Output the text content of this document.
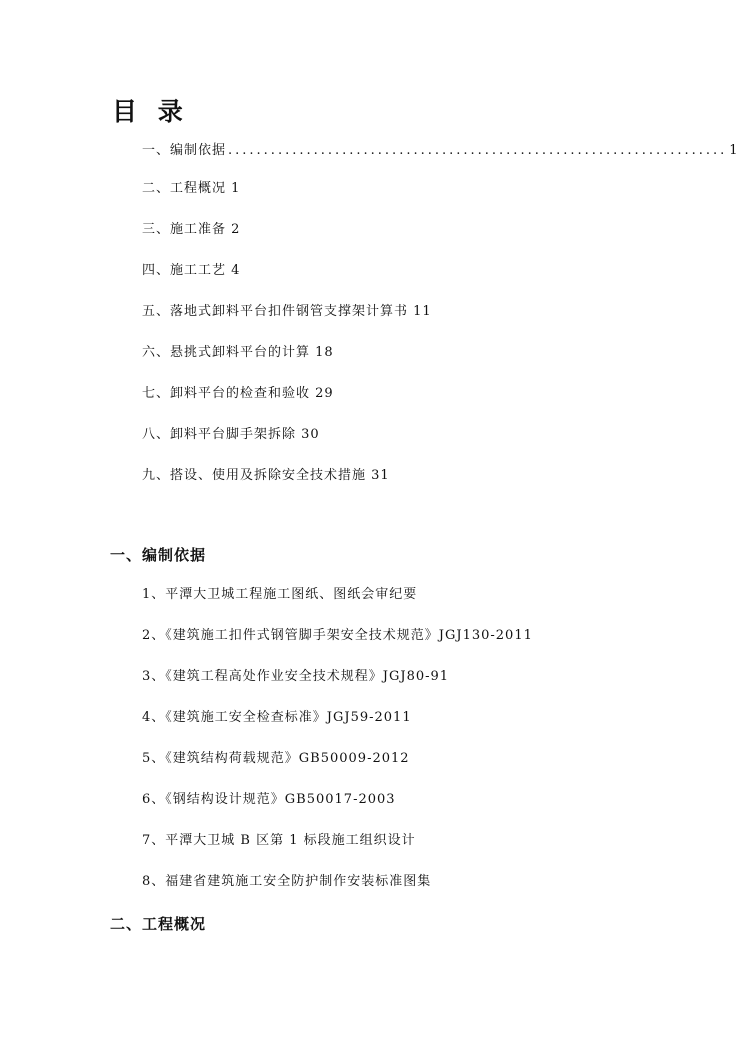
目 录
一、编制依据 ...................................................................... 1
二、工程概况 1
三、施工准备 2
四、施工工艺 4
五、落地式卸料平台扣件钢管支撑架计算书 11
六、悬挑式卸料平台的计算 18
七、卸料平台的检查和验收 29
八、卸料平台脚手架拆除 30
九、搭设、使用及拆除安全技术措施 31
一、编制依据
1、平潭大卫城工程施工图纸、图纸会审纪要
2、《建筑施工扣件式钢管脚手架安全技术规范》JGJ130-2011
3、《建筑工程高处作业安全技术规程》JGJ80-91
4、《建筑施工安全检查标准》JGJ59-2011
5、《建筑结构荷载规范》GB50009-2012
6、《钢结构设计规范》GB50017-2003
7、平潭大卫城 B 区第 1 标段施工组织设计
8、福建省建筑施工安全防护制作安装标准图集
二、工程概况
